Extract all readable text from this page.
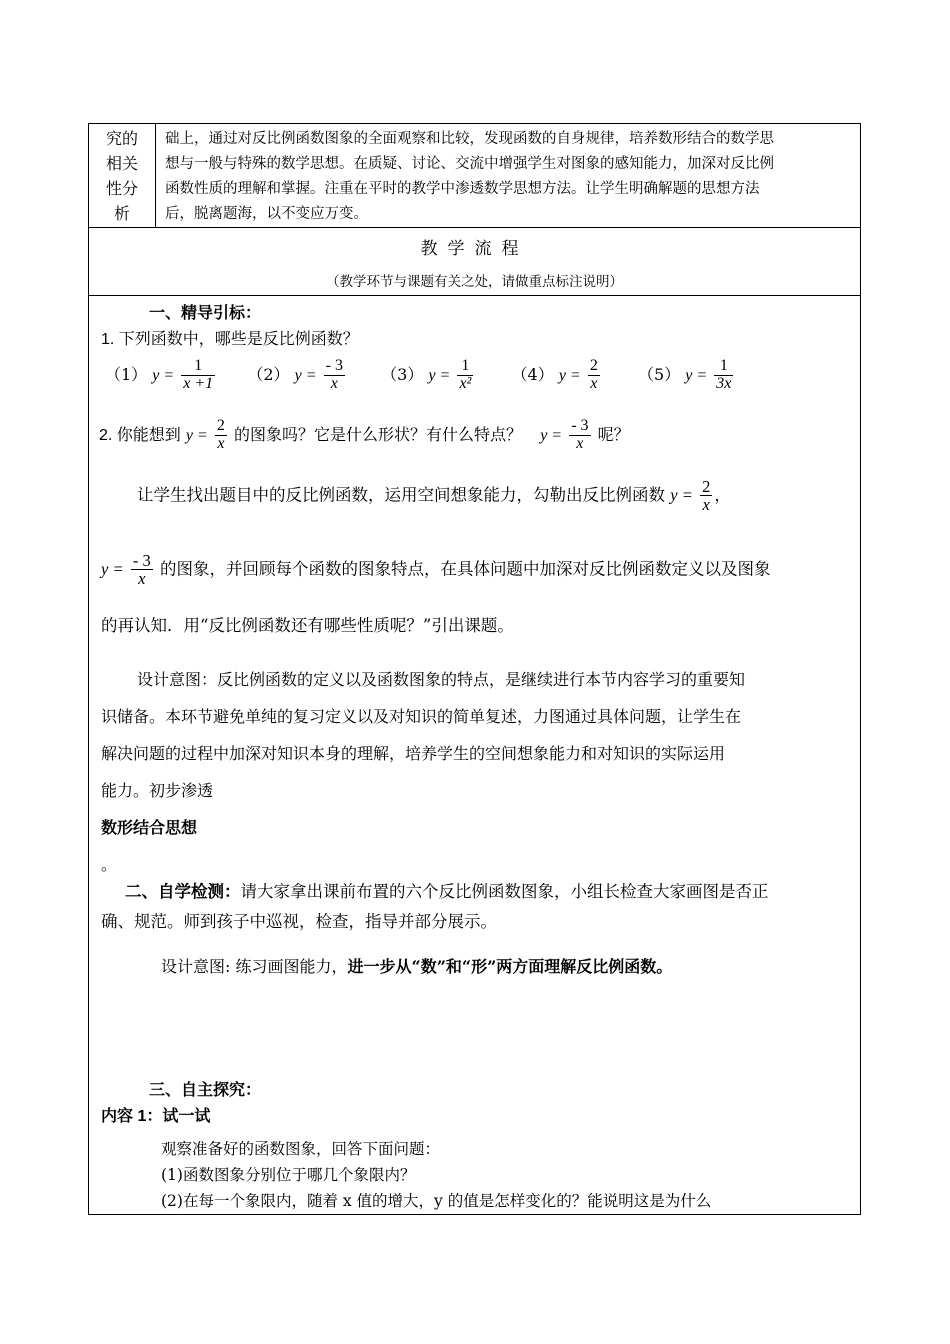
究的
相关
性分
析
础上，通过对反比例函数图象的全面观察和比较，发现函数的自身规律，培养数形结合的数学思
想与一般与特殊的数学思想。在质疑、讨论、交流中增强学生对图象的感知能力，加深对反比例
函数性质的理解和掌握。注重在平时的教学中渗透数学思想方法。让学生明确解题的思想方法
后，脱离题海，以不变应万变。
教学流程
（教学环节与课题有关之处，请做重点标注说明）
一、精导引标：
1. 下列函数中，哪些是反比例函数？
（1） $y = \frac{1}{x +1} (2) y = \frac{- 3}{x} (3) y = \frac{1}{\text{x²}} (4) y = \frac{2}{x} (5) y = \frac{1}{3x}$
2. 你能想到 $y = \frac{2}{x}$ 的图象吗？它是什么形状？有什么特点？ $y = \frac{- 3}{x}$ 呢？
让学生找出题目中的反比例函数，运用空间想象能力，勾勒出反比例函数 $y = \frac{2}{x}$ ，
$y = \frac{- 3}{x}$ 的图象，并回顾每个函数的图象特点，在具体问题中加深对反比例函数定义以及图象
的再认知．用“反比例函数还有哪些性质呢？”引出课题。
设计意图：反比例函数的定义以及函数图象的特点，是继续进行本节内容学习的重要知
识储备。本环节避免单纯的复习定义以及对知识的简单复述，力图通过具体问题，让学生在
解决问题的过程中加深对知识本身的理解，培养学生的空间想象能力和对知识的实际运用
能力。初步渗透
数形结合思想
。
二、自学检测：请大家拿出课前布置的六个反比例函数图象，小组长检查大家画图是否正
确、规范。师到孩子中巡视，检查，指导并部分展示。
设计意图: 练习画图能力，进一步从“数”和“形”两方面理解反比例函数。
三、自主探究：
内容 1：试一试
观察准备好的函数图象，回答下面问题：
(1)函数图象分别位于哪几个象限内？
(2)在每一个象限内，随着 x 值的增大，y 的值是怎样变化的？能说明这是为什么
